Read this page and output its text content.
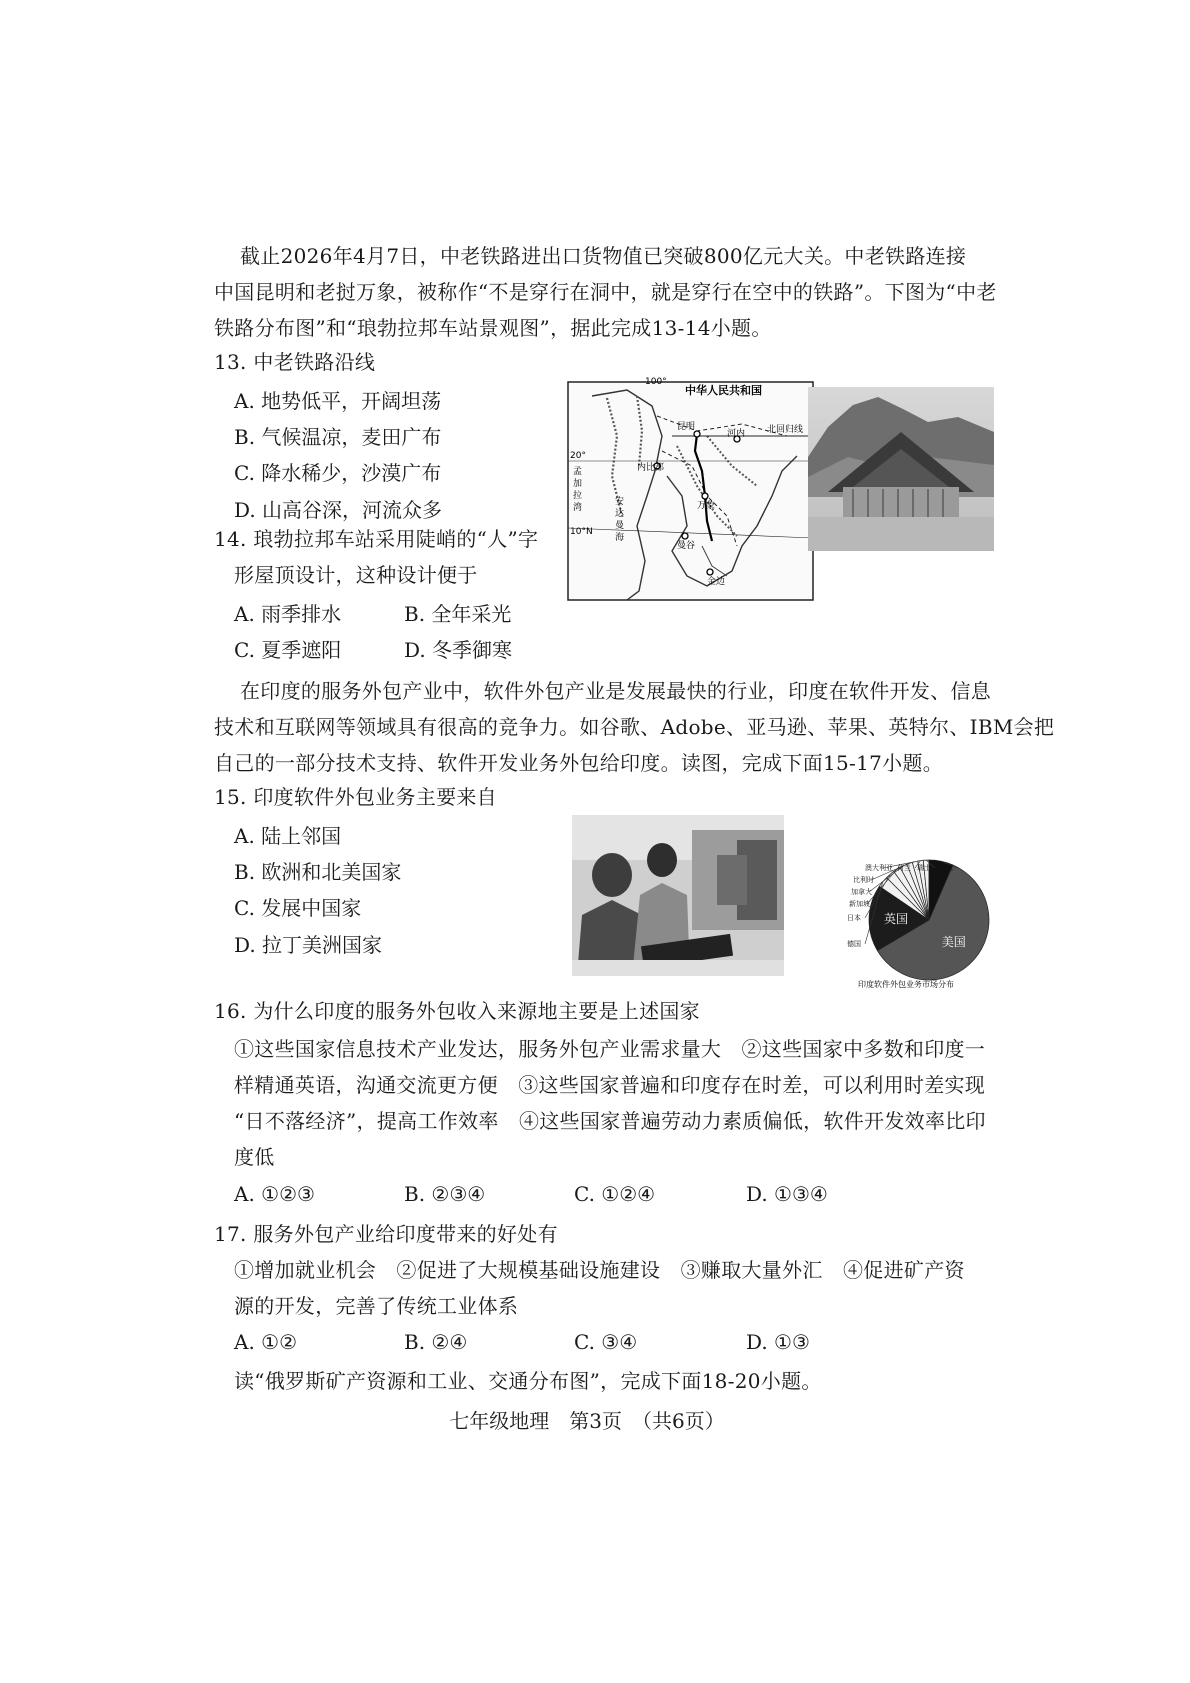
截止2026年4月7日，中老铁路进出口货物值已突破800亿元大关。中老铁路连接
中国昆明和老挝万象，被称作“不是穿行在洞中，就是穿行在空中的铁路”。下图为“中老
铁路分布图”和“琅勃拉邦车站景观图”，据此完成13-14小题。
13. 中老铁路沿线
A. 地势低平，开阔坦荡
B. 气候温凉，麦田广布
C. 降水稀少，沙漠广布
D. 山高谷深，河流众多
14. 琅勃拉邦车站采用陡峭的“人”字
形屋顶设计，这种设计便于
A. 雨季排水	B. 全年采光
C. 夏季遮阳	D. 冬季御寒
100°
中华人民共和国
昆明	北回归线
河内
20°
内比都
万象
曼谷
金边
10°N
孟
加
拉
湾
安
达
曼
海
在印度的服务外包产业中，软件外包产业是发展最快的行业，印度在软件开发、信息
技术和互联网等领域具有很高的竞争力。如谷歌、Adobe、亚马逊、苹果、英特尔、IBM会把
自己的一部分技术支持、软件开发业务外包给印度。读图，完成下面15-17小题。
15. 印度软件外包业务主要来自
A. 陆上邻国
B. 欧洲和北美国家
C. 发展中国家
D. 拉丁美洲国家	美国
英国
德国
日本
新加坡
加拿大
比利时
澳大利亚 荷兰 瑞士 其他
印度软件外包业务市场分布
16. 为什么印度的服务外包收入来源地主要是上述国家
①这些国家信息技术产业发达，服务外包产业需求量大　②这些国家中多数和印度一
样精通英语，沟通交流更方便　③这些国家普遍和印度存在时差，可以利用时差实现
“日不落经济”，提高工作效率　④这些国家普遍劳动力素质偏低，软件开发效率比印
度低
A. ①②③	B. ②③④	C. ①②④	D. ①③④
17. 服务外包产业给印度带来的好处有
①增加就业机会　②促进了大规模基础设施建设　③赚取大量外汇　④促进矿产资
源的开发，完善了传统工业体系
A. ①②	B. ②④	C. ③④	D. ①③
读“俄罗斯矿产资源和工业、交通分布图”，完成下面18-20小题。
七年级地理　第3页　（共6页）
